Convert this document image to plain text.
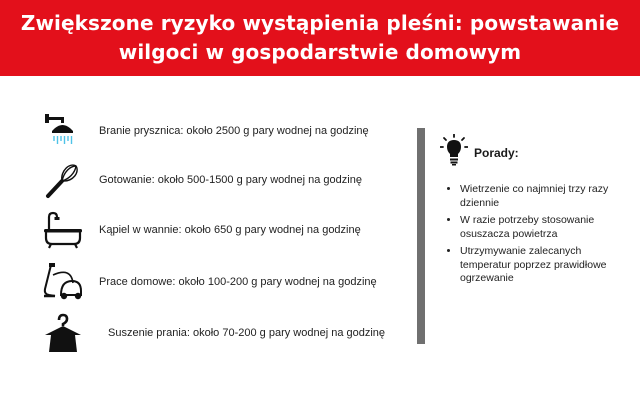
Zwiększone ryzyko wystąpienia pleśni: powstawanie wilgoci w gospodarstwie domowym
Branie prysznica: około 2500 g pary wodnej na godzinę
Gotowanie: około 500-1500 g pary wodnej na godzinę
Kąpiel w wannie: około 650 g pary wodnej na godzinę
Prace domowe: około 100-200 g pary wodnej na godzinę
Suszenie prania: około 70-200 g pary wodnej na godzinę
Porady:
• Wietrzenie co najmniej trzy razy dziennie
• W razie potrzeby stosowanie osuszacza powietrza
• Utrzymywanie zalecanych temperatur poprzez prawidłowe ogrzewanie
